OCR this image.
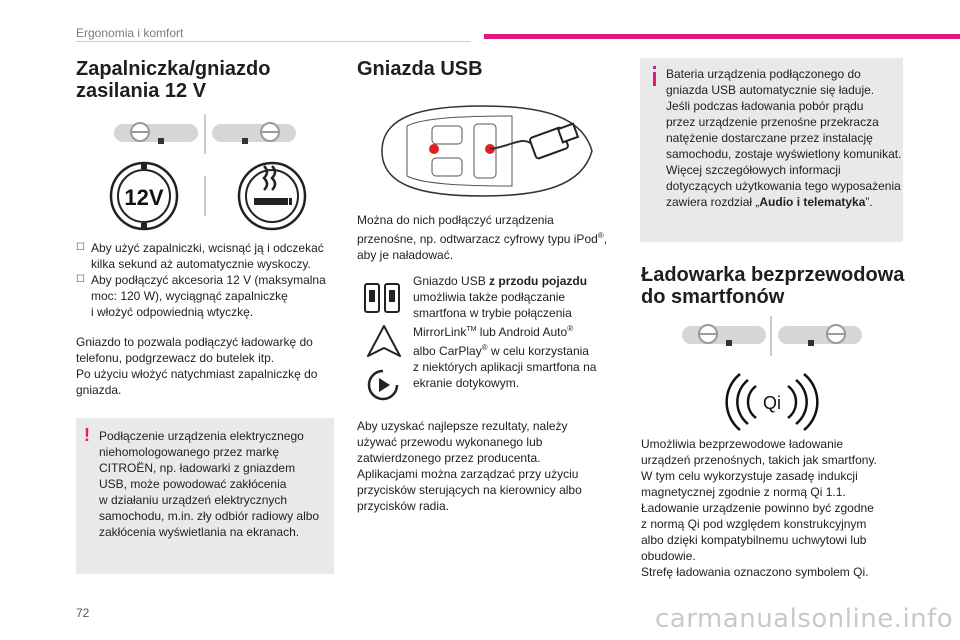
Ergonomia i komfort
Zapalniczka/gniazdo
zasilania 12 V
12V
☐ Aby użyć zapalniczki, wcisnąć ją i odczekać
kilka sekund aż automatycznie wyskoczy.
☐ Aby podłączyć akcesoria 12 V (maksymalna
moc: 120 W), wyciągnąć zapalniczkę
i włożyć odpowiednią wtyczkę.
Gniazdo to pozwala podłączyć ładowarkę do
telefonu, podgrzewacz do butelek itp.
Po użyciu włożyć natychmiast zapalniczkę do
gniazda.
! Podłączenie urządzenia elektrycznego
niehomologowanego przez markę
CITROËN, np. ładowarki z gniazdem
USB, może powodować zakłócenia
w działaniu urządzeń elektrycznych
samochodu, m.in. zły odbiór radiowy albo
zakłócenia wyświetlania na ekranach.
Gniazda USB
Można do nich podłączyć urządzenia
przenośne, np. odtwarzacz cyfrowy typu iPod®,
aby je naładować.
Gniazdo USB z przodu pojazdu
umożliwia także podłączanie
smartfona w trybie połączenia
MirrorLink™ lub Android Auto®
albo CarPlay® w celu korzystania
z niektórych aplikacji smartfona na
ekranie dotykowym.
Aby uzyskać najlepsze rezultaty, należy
używać przewodu wykonanego lub
zatwierdzonego przez producenta.
Aplikacjami można zarządzać przy użyciu
przycisków sterujących na kierownicy albo
przycisków radia.
Bateria urządzenia podłączonego do
gniazda USB automatycznie się ładuje.
Jeśli podczas ładowania pobór prądu
przez urządzenie przenośne przekracza
natężenie dostarczane przez instalację
samochodu, zostaje wyświetlony komunikat.
Więcej szczegółowych informacji
dotyczących użytkowania tego wyposażenia
zawiera rozdział „Audio i telematyka”.
Ładowarka bezprzewodowa
do smartfonów
Qi
Umożliwia bezprzewodowe ładowanie
urządzeń przenośnych, takich jak smartfony.
W tym celu wykorzystuje zasadę indukcji
magnetycznej zgodnie z normą Qi 1.1.
Ładowanie urządzenie powinno być zgodne
z normą Qi pod względem konstrukcyjnym
albo dzięki kompatybilnemu uchwytowi lub
obudowie.
Strefę ładowania oznaczono symbolem Qi.
72	carmanualsonline.info
